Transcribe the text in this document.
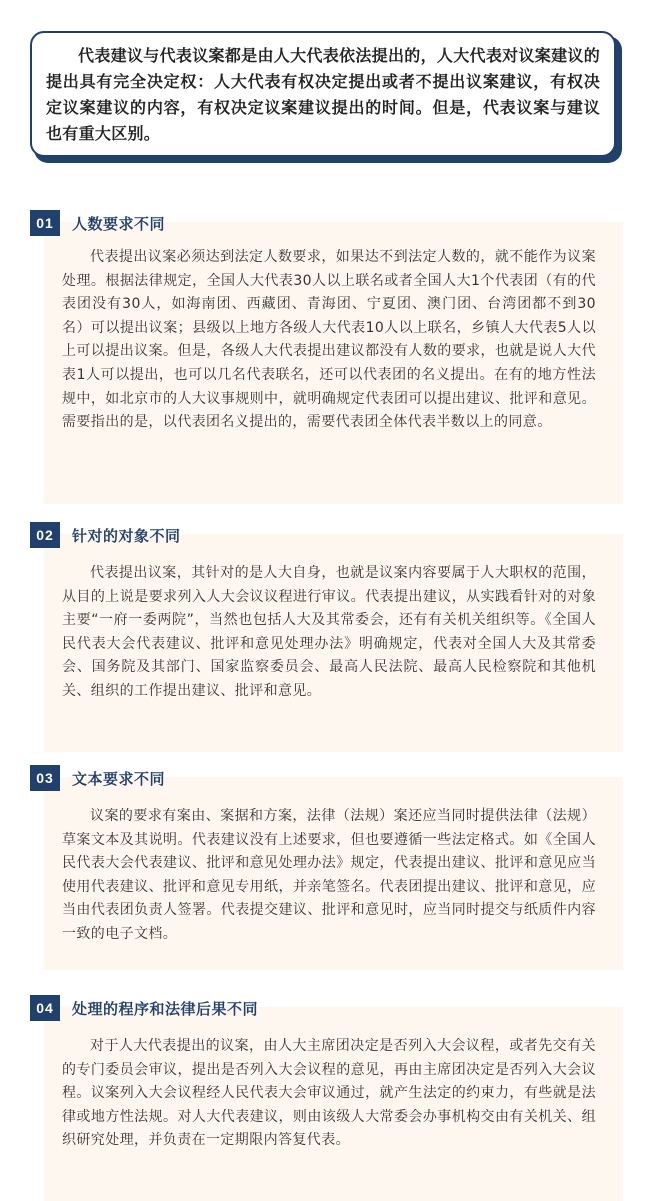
代表建议与代表议案都是由人大代表依法提出的，人大代表对议案建议的提出具有完全决定权：人大代表有权决定提出或者不提出议案建议，有权决定议案建议的内容，有权决定议案建议提出的时间。但是，代表议案与建议也有重大区别。

01	人数要求不同

代表提出议案必须达到法定人数要求，如果达不到法定人数的，就不能作为议案处理。根据法律规定，全国人大代表30人以上联名或者全国人大1个代表团（有的代表团没有30人，如海南团、西藏团、青海团、宁夏团、澳门团、台湾团都不到30名）可以提出议案；县级以上地方各级人大代表10人以上联名，乡镇人大代表5人以上可以提出议案。但是，各级人大代表提出建议都没有人数的要求，也就是说人大代表1人可以提出，也可以几名代表联名，还可以代表团的名义提出。在有的地方性法规中，如北京市的人大议事规则中，就明确规定代表团可以提出建议、批评和意见。需要指出的是，以代表团名义提出的，需要代表团全体代表半数以上的同意。

02	针对的对象不同

代表提出议案，其针对的是人大自身，也就是议案内容要属于人大职权的范围，从目的上说是要求列入人大会议议程进行审议。代表提出建议，从实践看针对的对象主要“一府一委两院”，当然也包括人大及其常委会，还有有关机关组织等。《全国人民代表大会代表建议、批评和意见处理办法》明确规定，代表对全国人大及其常委会、国务院及其部门、国家监察委员会、最高人民法院、最高人民检察院和其他机关、组织的工作提出建议、批评和意见。

03	文本要求不同

议案的要求有案由、案据和方案，法律（法规）案还应当同时提供法律（法规）草案文本及其说明。代表建议没有上述要求，但也要遵循一些法定格式。如《全国人民代表大会代表建议、批评和意见处理办法》规定，代表提出建议、批评和意见应当使用代表建议、批评和意见专用纸，并亲笔签名。代表团提出建议、批评和意见，应当由代表团负责人签署。代表提交建议、批评和意见时，应当同时提交与纸质件内容一致的电子文档。

04	处理的程序和法律后果不同

对于人大代表提出的议案，由人大主席团决定是否列入大会议程，或者先交有关的专门委员会审议，提出是否列入大会议程的意见，再由主席团决定是否列入大会议程。议案列入大会议程经人民代表大会审议通过，就产生法定的约束力，有些就是法律或地方性法规。对人大代表建议，则由该级人大常委会办事机构交由有关机关、组织研究处理，并负责在一定期限内答复代表。
